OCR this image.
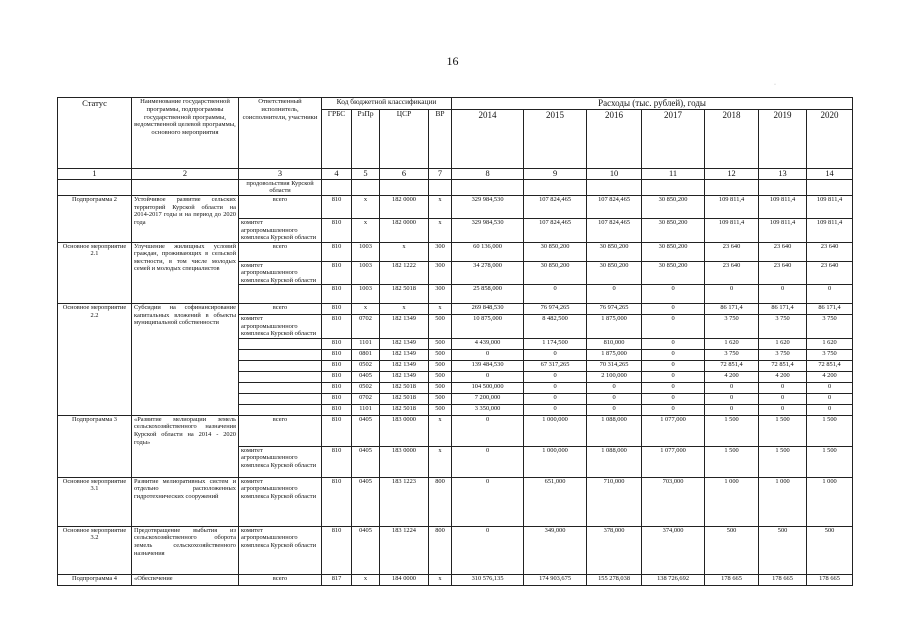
16
·
Статус	Наименование государственной программы, подпрограммы государственной программы, ведомственной целевой программы, основного мероприятия	Ответственный исполнитель, соисполнители, участники	Код бюджетной классификации				Расходы (тыс. рублей), годы						
			ГРБС	РзПр	ЦСР	ВР	2014	2015	2016	2017	2018	2019	2020
1	2	3	4	5	6	7	8	9	10	11	12	13	14
		продовольствия Курской области											
Подпрограмма 2	Устойчивое развитие сельских территорий Курской области на 2014-2017 годы и на период до 2020 года	всего	810	х	182 0000	х	329 984,530	107 824,465	107 824,465	30 850,200	109 811,4	109 811,4	109 811,4
		комитет агропромышленного комплекса Курской области	810	х	182 0000	х	329 984,530	107 824,465	107 824,465	30 850,200	109 811,4	109 811,4	109 811,4
Основное мероприятие 2.1	Улучшение жилищных условий граждан, проживающих в сельской местности, в том числе молодых семей и молодых специалистов	всего	810	1003	х	300	60 136,000	30 850,200	30 850,200	30 850,200	23 640	23 640	23 640
		комитет агропромышленного комплекса Курской области	810	1003	182 1222	300	34 278,000	30 850,200	30 850,200	30 850,200	23 640	23 640	23 640
			810	1003	182 5018	300	25 858,000	0	0	0	0	0	0
Основное мероприятие 2.2	Субсидии на софинансирование капитальных вложений в объекты муниципальной собственности	всего	810	х	х	х	269 848,530	76 974,265	76 974,265	0	86 171,4	86 171,4	86 171,4
		комитет агропромышленного комплекса Курской области	810	0702	182 1349	500	10 875,000	8 482,500	1 875,000	0	3 750	3 750	3 750
			810	1101	182 1349	500	4 439,000	1 174,500	810,000	0	1 620	1 620	1 620
			810	0801	182 1349	500	0	0	1 875,000	0	3 750	3 750	3 750
			810	0502	182 1349	500	139 484,530	67 317,265	70 314,265	0	72 851,4	72 851,4	72 851,4
			810	0405	182 1349	500	0	0	2 100,000	0	4 200	4 200	4 200
			810	0502	182 5018	500	104 500,000	0	0	0	0	0	0
			810	0702	182 5018	500	7 200,000	0	0	0	0	0	0
			810	1101	182 5018	500	3 350,000	0	0	0	0	0	0
Подпрограмма 3	«Развитие мелиорации земель сельскохозяйственного назначения Курской области на 2014 - 2020 годы»	всего	810	0405	183 0000	х	0	1 000,000	1 088,000	1 077,000	1 500	1 500	1 500
		комитет агропромышленного комплекса Курской области	810	0405	183 0000	х	0	1 000,000	1 088,000	1 077,000	1 500	1 500	1 500
Основное мероприятие 3.1	Развитие мелиоративных систем и отдельно расположенных гидротехнических сооружений	комитет агропромышленного комплекса Курской области	810	0405	183 1223	800	0	651,000	710,000	703,000	1 000	1 000	1 000
Основное мероприятие 3.2	Предотвращение выбытия из сельскохозяйственного оборота земель сельскохозяйственного назначения	комитет агропромышленного комплекса Курской области	810	0405	183 1224	800	0	349,000	378,000	374,000	500	500	500
Подпрограмма 4	«Обеспечение	всего	817	х	184 0000	х	310 576,135	174 903,675	155 278,038	138 726,692	178 665	178 665	178 665
